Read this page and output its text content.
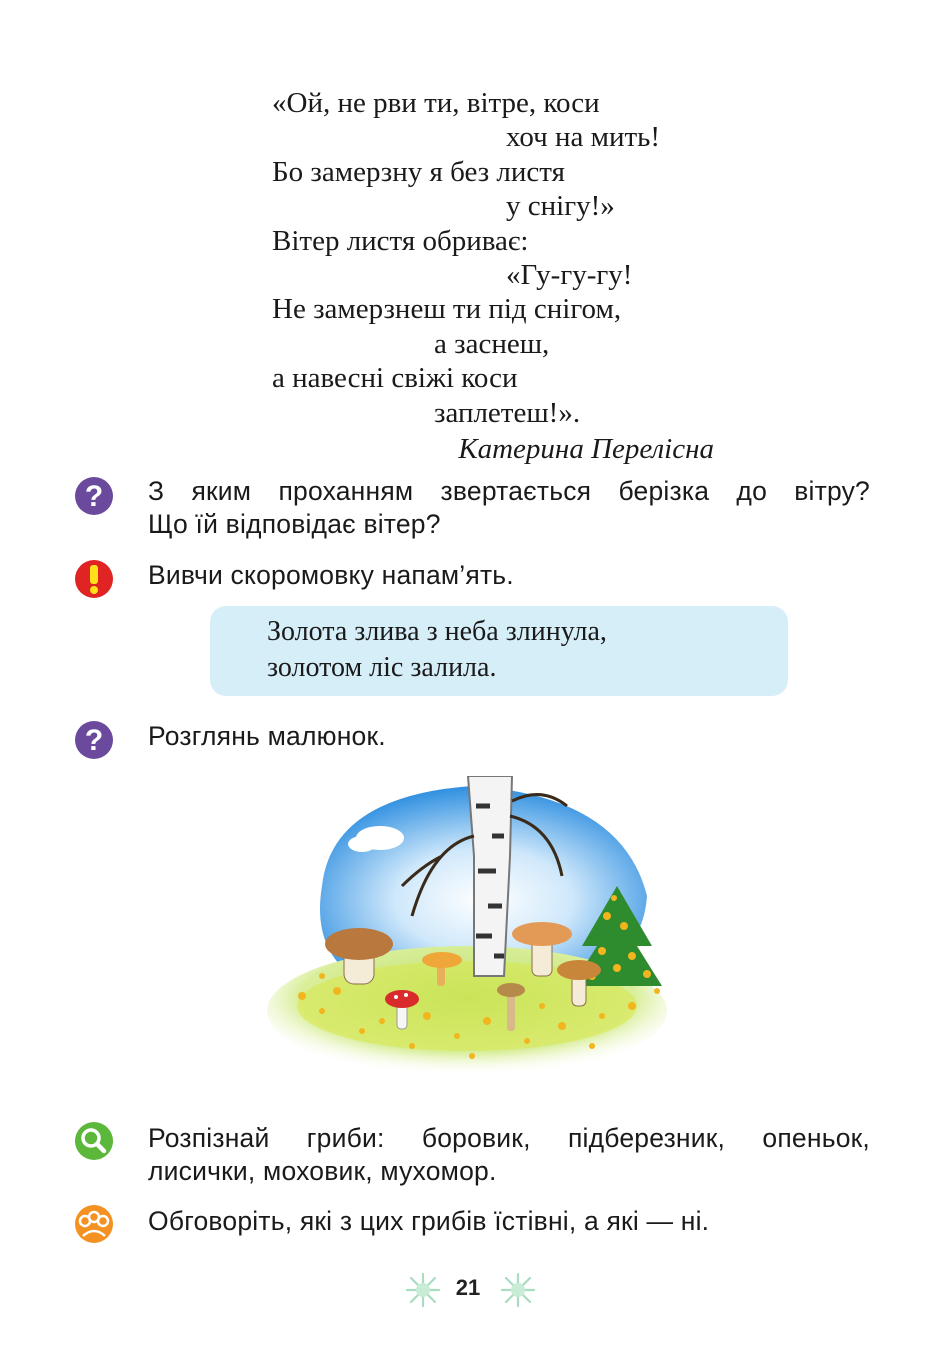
«Ой, не рви ти, вітре, коси
хоч на мить!
Бо замерзну я без листя
у снігу!»
Вітер листя обриває:
«Гу-гу-гу!
Не замерзнеш ти під снігом,
а заснеш,
а навесні свіжі коси
заплетеш!».
Катерина Перелісна
? З яким проханням звертається берізка до вітру?
Що їй відповідає вітер?
Вивчи скоромовку напам’ять.
Золота злива з неба злинула,
золотом ліс залила.
? Розглянь малюнок.
Розпізнай гриби: боровик, підберезник, опеньок,
лисички, моховик, мухомор.
Обговоріть, які з цих грибів їстівні, а які — ні.
21
